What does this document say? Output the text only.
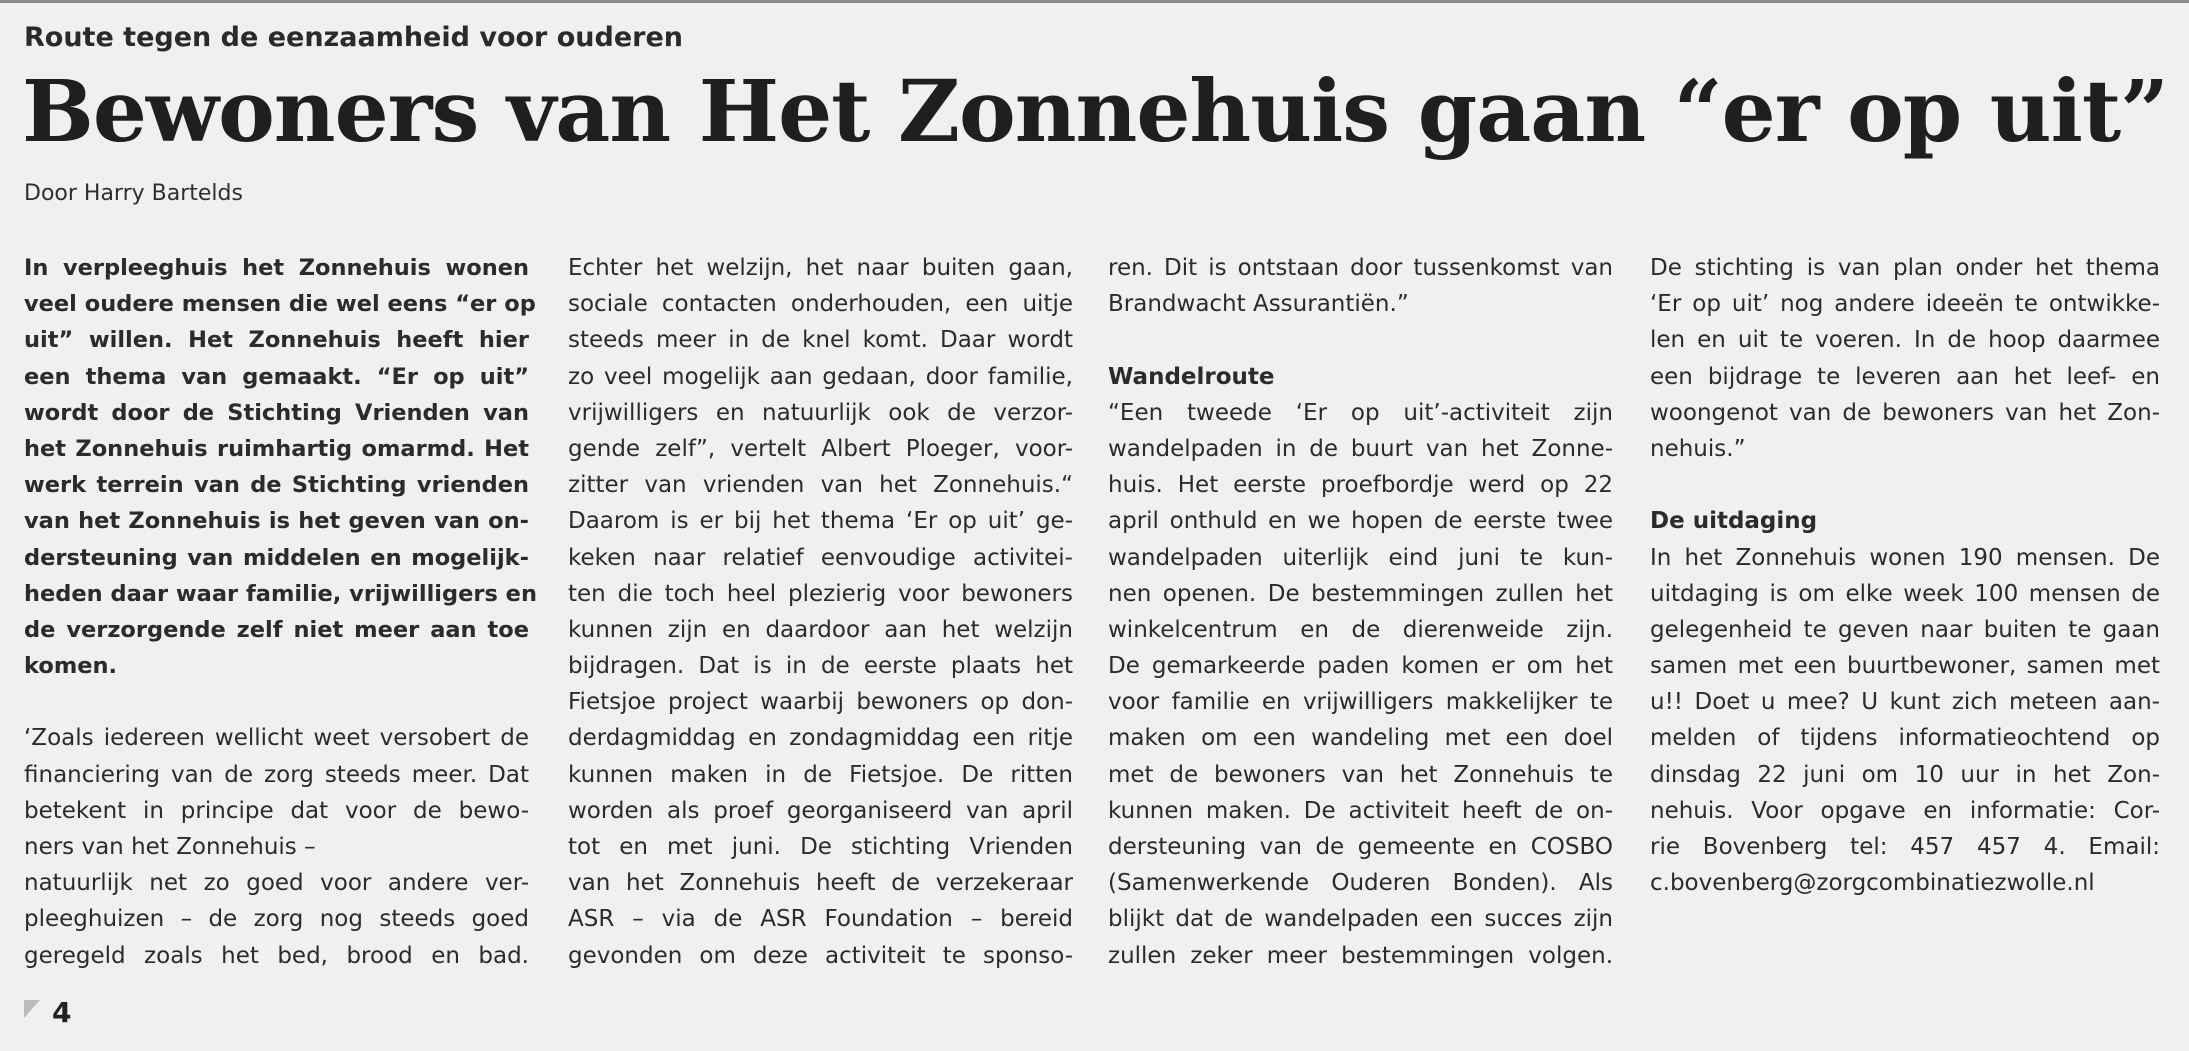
Route tegen de eenzaamheid voor ouderen
Bewoners van Het Zonnehuis gaan “er op uit”
Door Harry Bartelds
In verpleeghuis het Zonnehuis wonen
veel oudere mensen die wel eens “er op
uit” willen. Het Zonnehuis heeft hier
een thema van gemaakt. “Er op uit”
wordt door de Stichting Vrienden van
het Zonnehuis ruimhartig omarmd. Het
werk terrein van de Stichting vrienden
van het Zonnehuis is het geven van on-
dersteuning van middelen en mogelijk-
heden daar waar familie, vrijwilligers en
de verzorgende zelf niet meer aan toe
komen.
‘Zoals iedereen wellicht weet versobert de
financiering van de zorg steeds meer. Dat
betekent in principe dat voor de bewo-
ners van het Zonnehuis –
natuurlijk net zo goed voor andere ver-
pleeghuizen – de zorg nog steeds goed
geregeld zoals het bed, brood en bad.
Echter het welzijn, het naar buiten gaan,
sociale contacten onderhouden, een uitje
steeds meer in de knel komt. Daar wordt
zo veel mogelijk aan gedaan, door familie,
vrijwilligers en natuurlijk ook de verzor-
gende zelf”, vertelt Albert Ploeger, voor-
zitter van vrienden van het Zonnehuis.“
Daarom is er bij het thema ‘Er op uit’ ge-
keken naar relatief eenvoudige activitei-
ten die toch heel plezierig voor bewoners
kunnen zijn en daardoor aan het welzijn
bijdragen. Dat is in de eerste plaats het
Fietsjoe project waarbij bewoners op don-
derdagmiddag en zondagmiddag een ritje
kunnen maken in de Fietsjoe. De ritten
worden als proef georganiseerd van april
tot en met juni. De stichting Vrienden
van het Zonnehuis heeft de verzekeraar
ASR – via de ASR Foundation – bereid
gevonden om deze activiteit te sponso-
ren. Dit is ontstaan door tussenkomst van
Brandwacht Assurantiën.”
Wandelroute
“Een tweede ‘Er op uit’-activiteit zijn
wandelpaden in de buurt van het Zonne-
huis. Het eerste proefbordje werd op 22
april onthuld en we hopen de eerste twee
wandelpaden uiterlijk eind juni te kun-
nen openen. De bestemmingen zullen het
winkelcentrum en de dierenweide zijn.
De gemarkeerde paden komen er om het
voor familie en vrijwilligers makkelijker te
maken om een wandeling met een doel
met de bewoners van het Zonnehuis te
kunnen maken. De activiteit heeft de on-
dersteuning van de gemeente en COSBO
(Samenwerkende Ouderen Bonden). Als
blijkt dat de wandelpaden een succes zijn
zullen zeker meer bestemmingen volgen.
De stichting is van plan onder het thema
‘Er op uit’ nog andere ideeën te ontwikke-
len en uit te voeren. In de hoop daarmee
een bijdrage te leveren aan het leef- en
woongenot van de bewoners van het Zon-
nehuis.”
De uitdaging
In het Zonnehuis wonen 190 mensen. De
uitdaging is om elke week 100 mensen de
gelegenheid te geven naar buiten te gaan
samen met een buurtbewoner, samen met
u!! Doet u mee? U kunt zich meteen aan-
melden of tijdens informatieochtend op
dinsdag 22 juni om 10 uur in het Zon-
nehuis. Voor opgave en informatie: Cor-
rie Bovenberg tel: 457 457 4. Email:
c.bovenberg@zorgcombinatiezwolle.nl
4
